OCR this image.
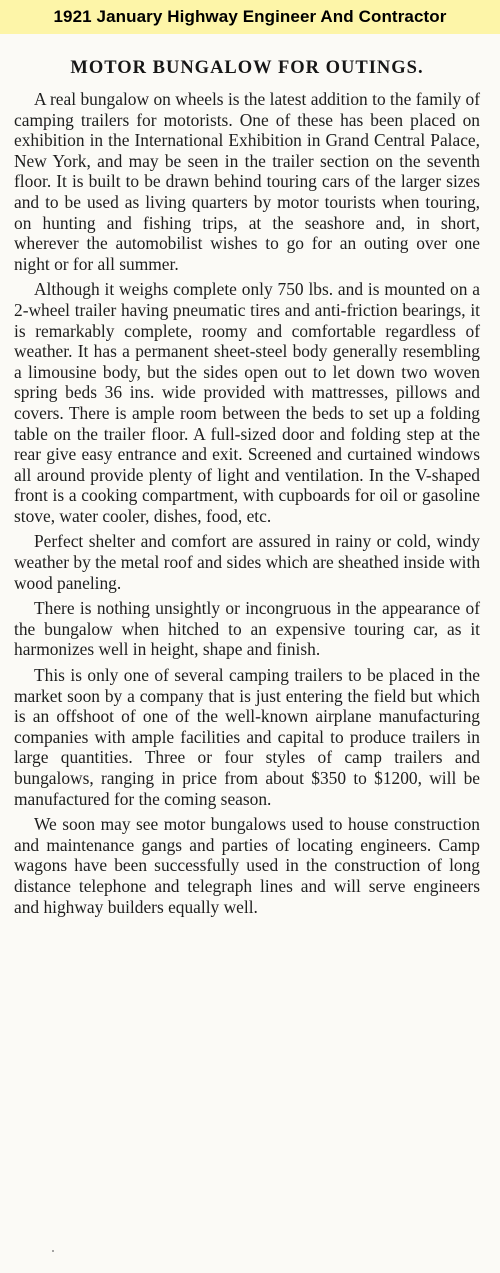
1921 January Highway Engineer And Contractor
MOTOR BUNGALOW FOR OUTINGS.

A real bungalow on wheels is the latest addition to the family of camping trailers for motorists. One of these has been placed on exhibition in the International Exhibition in Grand Central Palace, New York, and may be seen in the trailer section on the seventh floor. It is built to be drawn behind touring cars of the larger sizes and to be used as living quarters by motor tourists when touring, on hunting and fishing trips, at the seashore and, in short, wherever the automobilist wishes to go for an outing over one night or for all summer.

Although it weighs complete only 750 lbs. and is mounted on a 2-wheel trailer having pneumatic tires and anti-friction bearings, it is remarkably complete, roomy and comfortable regardless of weather. It has a permanent sheet-steel body generally resembling a limousine body, but the sides open out to let down two woven spring beds 36 ins. wide provided with mattresses, pillows and covers. There is ample room between the beds to set up a folding table on the trailer floor. A full-sized door and folding step at the rear give easy entrance and exit. Screened and curtained windows all around provide plenty of light and ventilation. In the V-shaped front is a cooking compartment, with cupboards for oil or gasoline stove, water cooler, dishes, food, etc.

Perfect shelter and comfort are assured in rainy or cold, windy weather by the metal roof and sides which are sheathed inside with wood paneling.

There is nothing unsightly or incongruous in the appearance of the bungalow when hitched to an expensive touring car, as it harmonizes well in height, shape and finish.

This is only one of several camping trailers to be placed in the market soon by a company that is just entering the field but which is an offshoot of one of the well-known airplane manufacturing companies with ample facilities and capital to produce trailers in large quantities. Three or four styles of camp trailers and bungalows, ranging in price from about $350 to $1200, will be manufactured for the coming season.

We soon may see motor bungalows used to house construction and maintenance gangs and parties of locating engineers. Camp wagons have been successfully used in the construction of long distance telephone and telegraph lines and will serve engineers and highway builders equally well.
